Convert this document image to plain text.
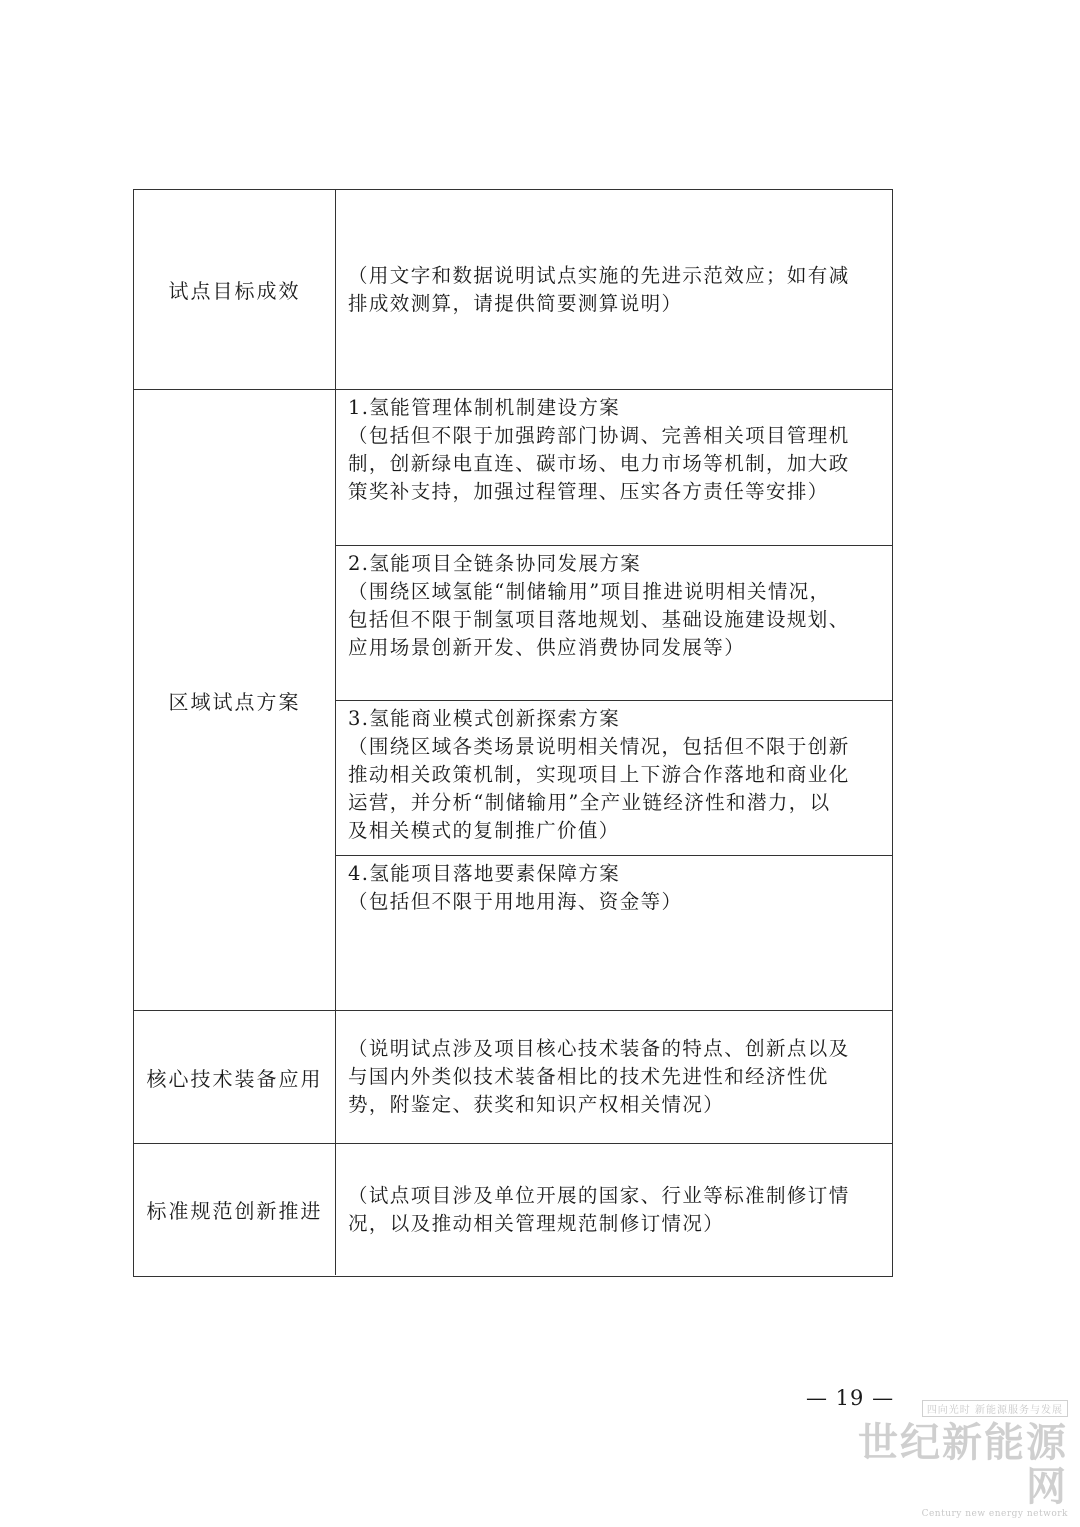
试点目标成效

（用文字和数据说明试点实施的先进示范效应；如有减

排成效测算，请提供简要测算说明）

区域试点方案

1.氢能管理体制机制建设方案

（包括但不限于加强跨部门协调、完善相关项目管理机

制，创新绿电直连、碳市场、电力市场等机制，加大政

策奖补支持，加强过程管理、压实各方责任等安排）

2.氢能项目全链条协同发展方案

（围绕区域氢能“制储输用”项目推进说明相关情况，

包括但不限于制氢项目落地规划、基础设施建设规划、

应用场景创新开发、供应消费协同发展等）

3.氢能商业模式创新探索方案

（围绕区域各类场景说明相关情况，包括但不限于创新

推动相关政策机制，实现项目上下游合作落地和商业化

运营，并分析“制储输用”全产业链经济性和潜力，以

及相关模式的复制推广价值）

4.氢能项目落地要素保障方案

（包括但不限于用地用海、资金等）

核心技术装备应用

（说明试点涉及项目核心技术装备的特点、创新点以及

与国内外类似技术装备相比的技术先进性和经济性优

势，附鉴定、获奖和知识产权相关情况）

标准规范创新推进

（试点项目涉及单位开展的国家、行业等标准制修订情

况，以及推动相关管理规范制修订情况）

— 19 —
四向光时 新能源服务与发展
世纪新能源网
Century new energy network
